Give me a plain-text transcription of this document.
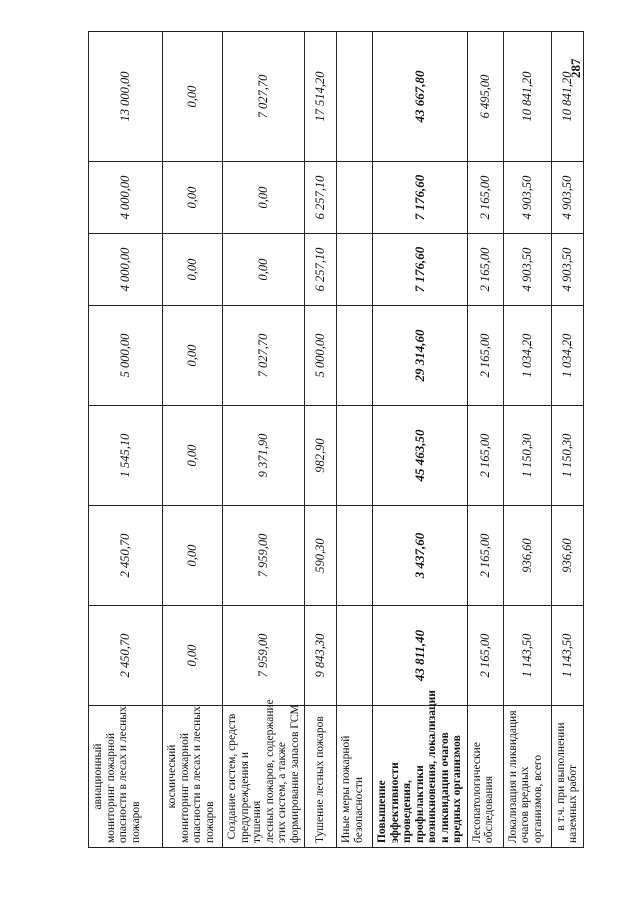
авиационный мониторинг пожарной опасности в лесах и лесных пожаров	2 450,70	2 450,70	1 545,10	5 000,00	4 000,00	4 000,00	13 000,00

космический мониторинг пожарной опасности в лесах и лесных пожаров	0,00	0,00	0,00	0,00	0,00	0,00	0,00

Создание систем, средств предупреждения и тушения лесных пожаров, содержание этих систем, а также формирование запасов ГСМ	7 959,00	7 959,00	9 371,90	7 027,70	0,00	0,00	7 027,70

Тушение лесных пожаров	9 843,30	590,30	982,90	5 000,00	6 257,10	6 257,10	17 514,20

Иные меры пожарной безопасности							

Повышение эффективности проведения, профилактики возникновения, локализации и ликвидации очагов вредных организмов	43 811,40	3 437,60	45 463,50	29 314,60	7 176,60	7 176,60	43 667,80

Лесопатологические обследования	2 165,00	2 165,00	2 165,00	2 165,00	2 165,00	2 165,00	6 495,00

Локализация и ликвидация очагов вредных организмов, всего	1 143,50	936,60	1 150,30	1 034,20	4 903,50	4 903,50	10 841,20

в т.ч. при выполнении наземных работ	1 143,50	936,60	1 150,30	1 034,20	4 903,50	4 903,50	10 841,20
287
